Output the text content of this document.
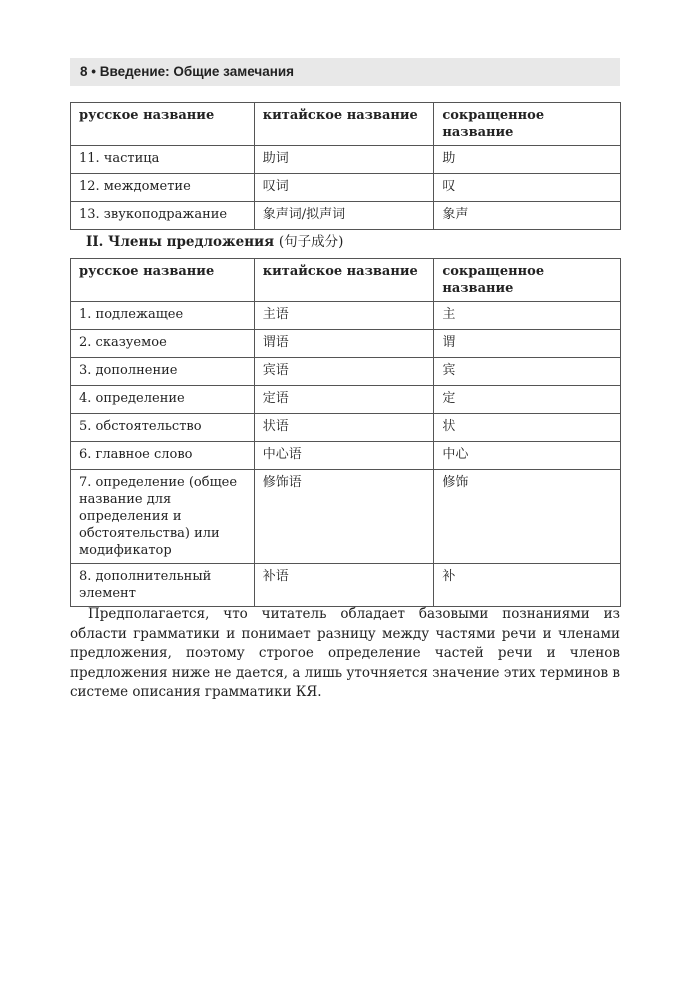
8 • Введение: Общие замечания
русское название	китайское название	сокращенное название
11. частица	助词	助
12. междометие	叹词	叹
13. звукоподражание	象声词/拟声词	象声
II. Члены предложения (句子成分)
русское название	китайское название	сокращенное название
1. подлежащее	主语	主
2. сказуемое	谓语	谓
3. дополнение	宾语	宾
4. определение	定语	定
5. обстоятельство	状语	状
6. главное слово	中心语	中心
7. определение (общее название для определения и обстоятельства) или модификатор	修饰语	修饰
8. дополнительный элемент	补语	补

Предполагается, что читатель обладает базовыми познаниями из области грамматики и понимает разницу между частями речи и членами предложения, поэтому строгое определение частей речи и членов предложения ниже не дается, а лишь уточняется значение этих терминов в системе описания грамматики КЯ.
